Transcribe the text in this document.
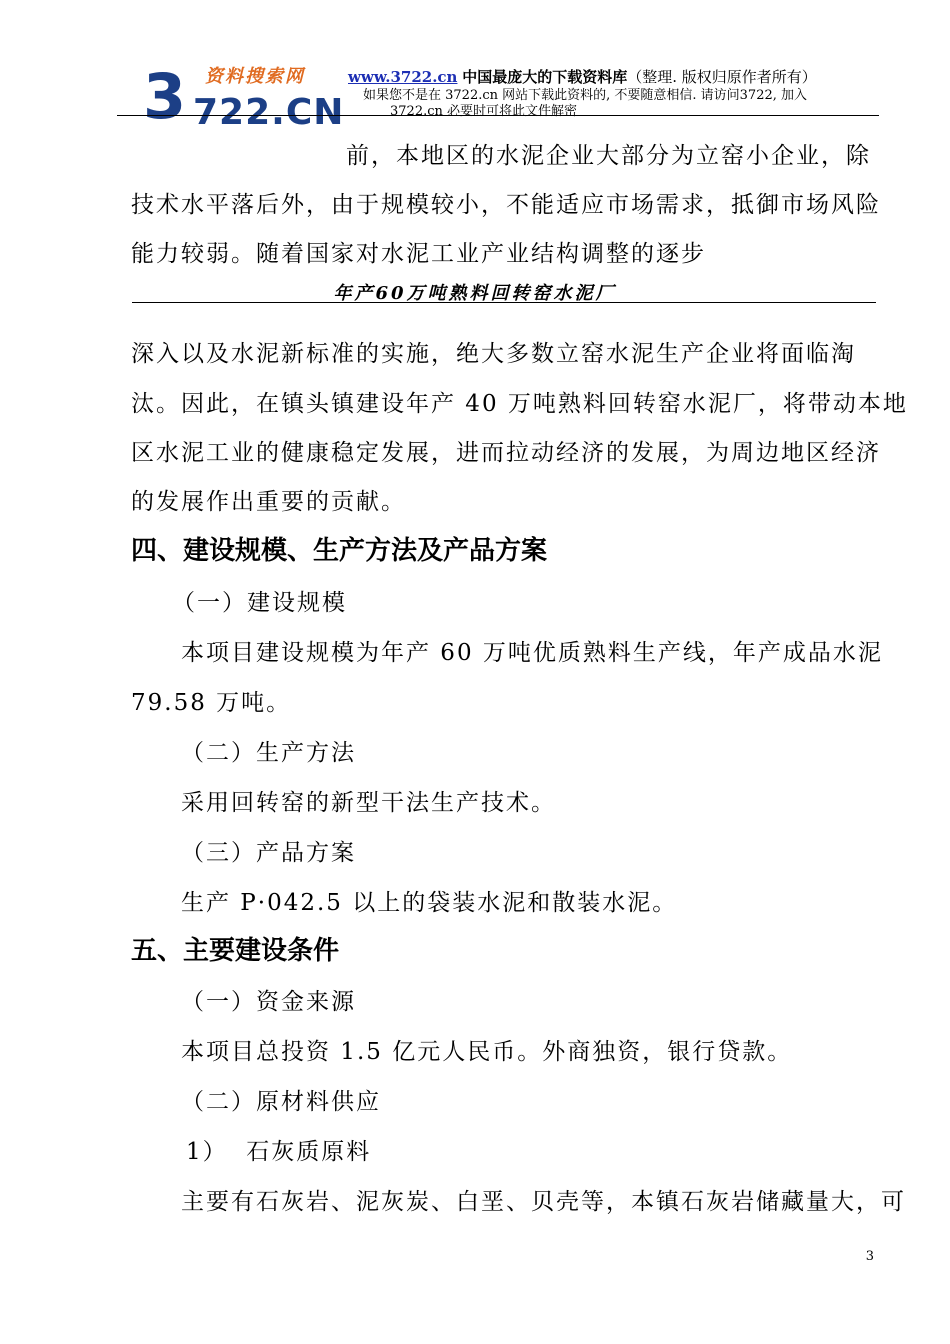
资料搜索网
3 722.CN
www.3722.cn 中国最庞大的下载资料库（整理. 版权归原作者所有）
如果您不是在 3722.cn 网站下载此资料的, 不要随意相信. 请访问3722, 加入
3722.cn 必要时可将此文件解密
前，本地区的水泥企业大部分为立窑小企业，除
技术水平落后外，由于规模较小，不能适应市场需求，抵御市场风险
能力较弱。随着国家对水泥工业产业结构调整的逐步
年产60万吨熟料回转窑水泥厂
深入以及水泥新标准的实施，绝大多数立窑水泥生产企业将面临淘
汰。因此，在镇头镇建设年产 40 万吨熟料回转窑水泥厂，将带动本地
区水泥工业的健康稳定发展，进而拉动经济的发展，为周边地区经济
的发展作出重要的贡献。
四、建设规模、生产方法及产品方案
（一）建设规模
本项目建设规模为年产 60 万吨优质熟料生产线，年产成品水泥
79.58 万吨。
（二）生产方法
采用回转窑的新型干法生产技术。
（三）产品方案
生产 P·042.5 以上的袋装水泥和散装水泥。
五、主要建设条件
（一）资金来源
本项目总投资 1.5 亿元人民币。外商独资，银行贷款。
（二）原材料供应
1）  石灰质原料
主要有石灰岩、泥灰炭、白垩、贝壳等，本镇石灰岩储藏量大，可
3
